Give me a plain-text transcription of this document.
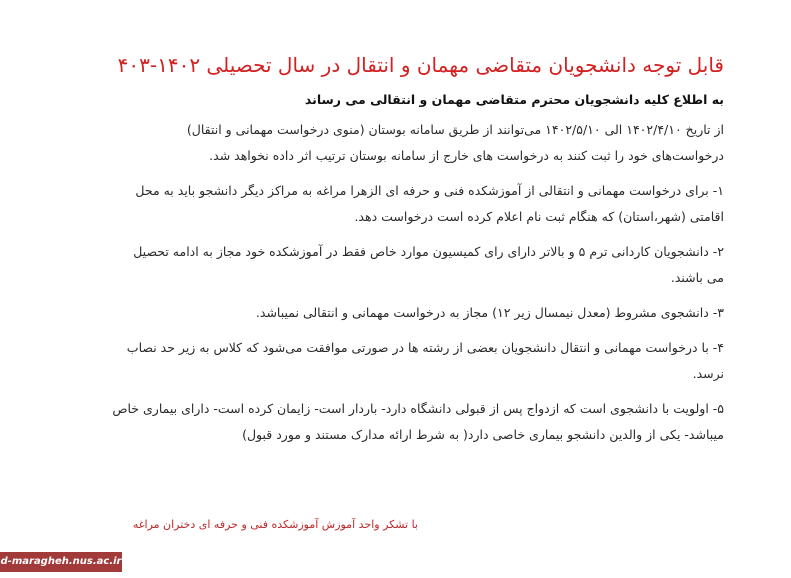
قابل توجه دانشجویان متقاضی مهمان و انتقال در سال تحصیلی ۱۴۰۲-۴۰۳
به اطلاع کلیه دانشجویان محترم متقاضی مهمان و انتقالی می رساند

از تاریخ ۱۴۰۲/۴/۱۰ الی ۱۴۰۲/۵/۱۰ می‌توانند از طریق سامانه بوستان (منوی درخواست مهمانی و انتقال)
درخواست‌های خود را ثبت کنند به درخواست های خارج از سامانه بوستان ترتیب اثر داده نخواهد شد.

۱- برای درخواست مهمانی و انتقالی از آموزشکده فنی و حرفه ای الزهرا مراغه به مراکز دیگر دانشجو باید به محل
اقامتی (شهر،استان) که هنگام ثبت نام اعلام کرده است درخواست دهد.

۲- دانشجویان کاردانی ترم ۵ و بالاتر دارای رای کمیسیون موارد خاص فقط در آموزشکده خود مجاز به ادامه تحصیل
می باشند.

۳- دانشجوی مشروط (معدل نیمسال زیر ۱۲) مجاز به درخواست مهمانی و انتقالی نمیباشد.

۴- با درخواست مهمانی و انتقال دانشجویان بعضی از رشته ها در صورتی موافقت می‌شود که کلاس به زیر حد نصاب
نرسد.

۵- اولویت با دانشجوی است که ازدواج پس از قبولی دانشگاه دارد- باردار است- زایمان کرده است- دارای بیماری خاص
میباشد- یکی از والدین دانشجو بیماری خاصی دارد( به شرط ارائه مدارک مستند و مورد قبول)

با تشکر واحد آموزش آموزشکده فنی و حرفه ای دختران مراغه
d-maragheh.nus.ac.ir
